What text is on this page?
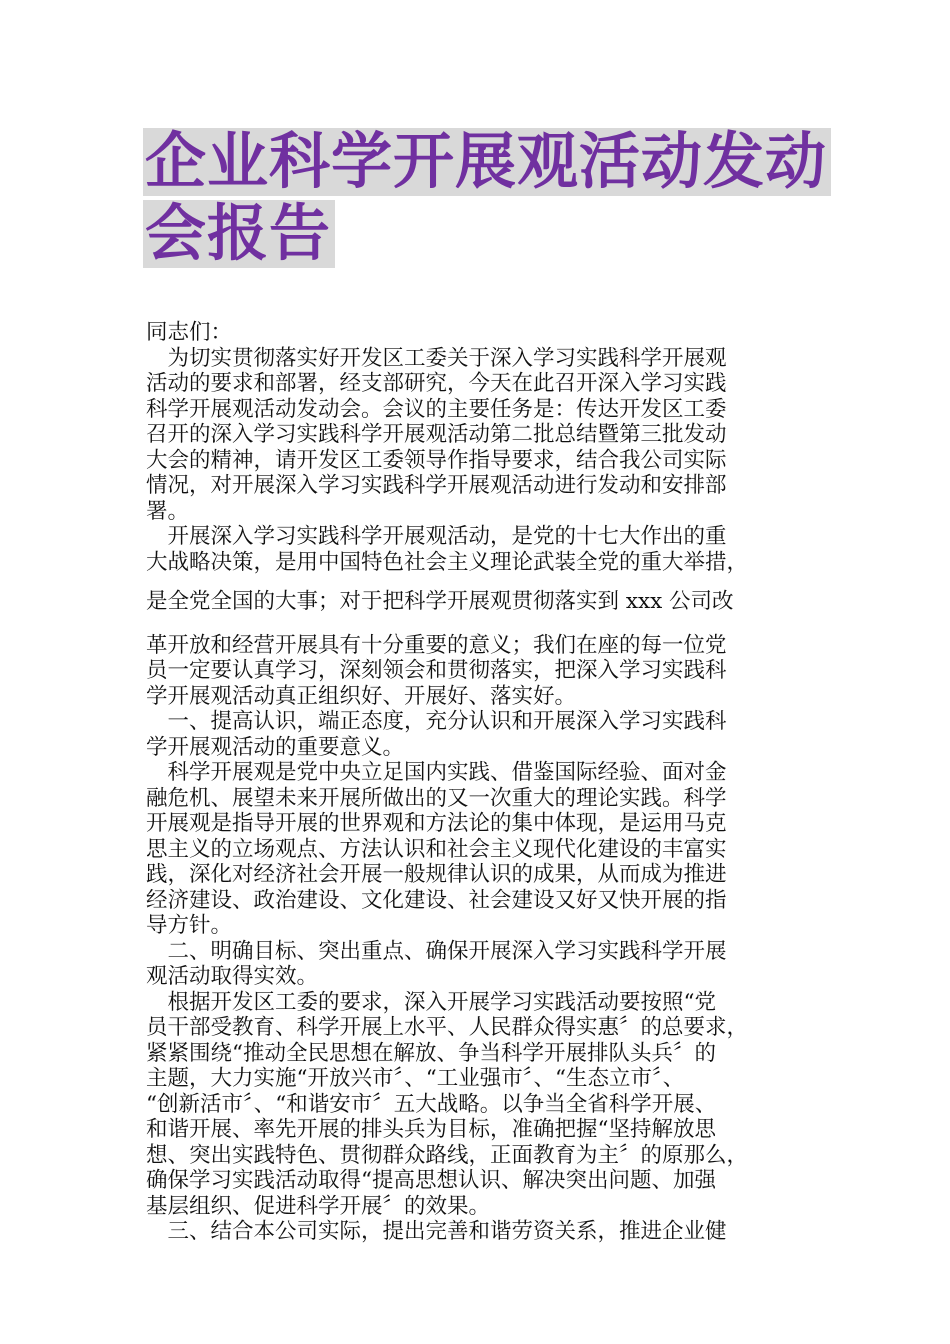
企业科学开展观活动发动
会报告
同志们：
　为切实贯彻落实好开发区工委关于深入学习实践科学开展观
活动的要求和部署，经支部研究，今天在此召开深入学习实践
科学开展观活动发动会。会议的主要任务是：传达开发区工委
召开的深入学习实践科学开展观活动第二批总结暨第三批发动
大会的精神，请开发区工委领导作指导要求，结合我公司实际
情况，对开展深入学习实践科学开展观活动进行发动和安排部
署。
　开展深入学习实践科学开展观活动，是党的十七大作出的重
大战略决策，是用中国特色社会主义理论武装全党的重大举措，
是全党全国的大事；对于把科学开展观贯彻落实到 xxx 公司改
革开放和经营开展具有十分重要的意义；我们在座的每一位党
员一定要认真学习，深刻领会和贯彻落实，把深入学习实践科
学开展观活动真正组织好、开展好、落实好。
　一、提高认识，端正态度，充分认识和开展深入学习实践科
学开展观活动的重要意义。
　科学开展观是党中央立足国内实践、借鉴国际经验、面对金
融危机、展望未来开展所做出的又一次重大的理论实践。科学
开展观是指导开展的世界观和方法论的集中体现，是运用马克
思主义的立场观点、方法认识和社会主义现代化建设的丰富实
践，深化对经济社会开展一般规律认识的成果，从而成为推进
经济建设、政治建设、文化建设、社会建设又好又快开展的指
导方针。
　二、明确目标、突出重点、确保开展深入学习实践科学开展
观活动取得实效。
　根据开发区工委的要求，深入开展学习实践活动要按照“党
员干部受教育、科学开展上水平、人民群众得实惠〞的总要求，
紧紧围绕“推动全民思想在解放、争当科学开展排队头兵〞的
主题，大力实施“开放兴市〞、“工业强市〞、“生态立市〞、
“创新活市〞、“和谐安市〞五大战略。以争当全省科学开展、
和谐开展、率先开展的排头兵为目标，准确把握“坚持解放思
想、突出实践特色、贯彻群众路线，正面教育为主〞的原那么，
确保学习实践活动取得“提高思想认识、解决突出问题、加强
基层组织、促进科学开展〞的效果。
　三、结合本公司实际，提出完善和谐劳资关系，推进企业健
